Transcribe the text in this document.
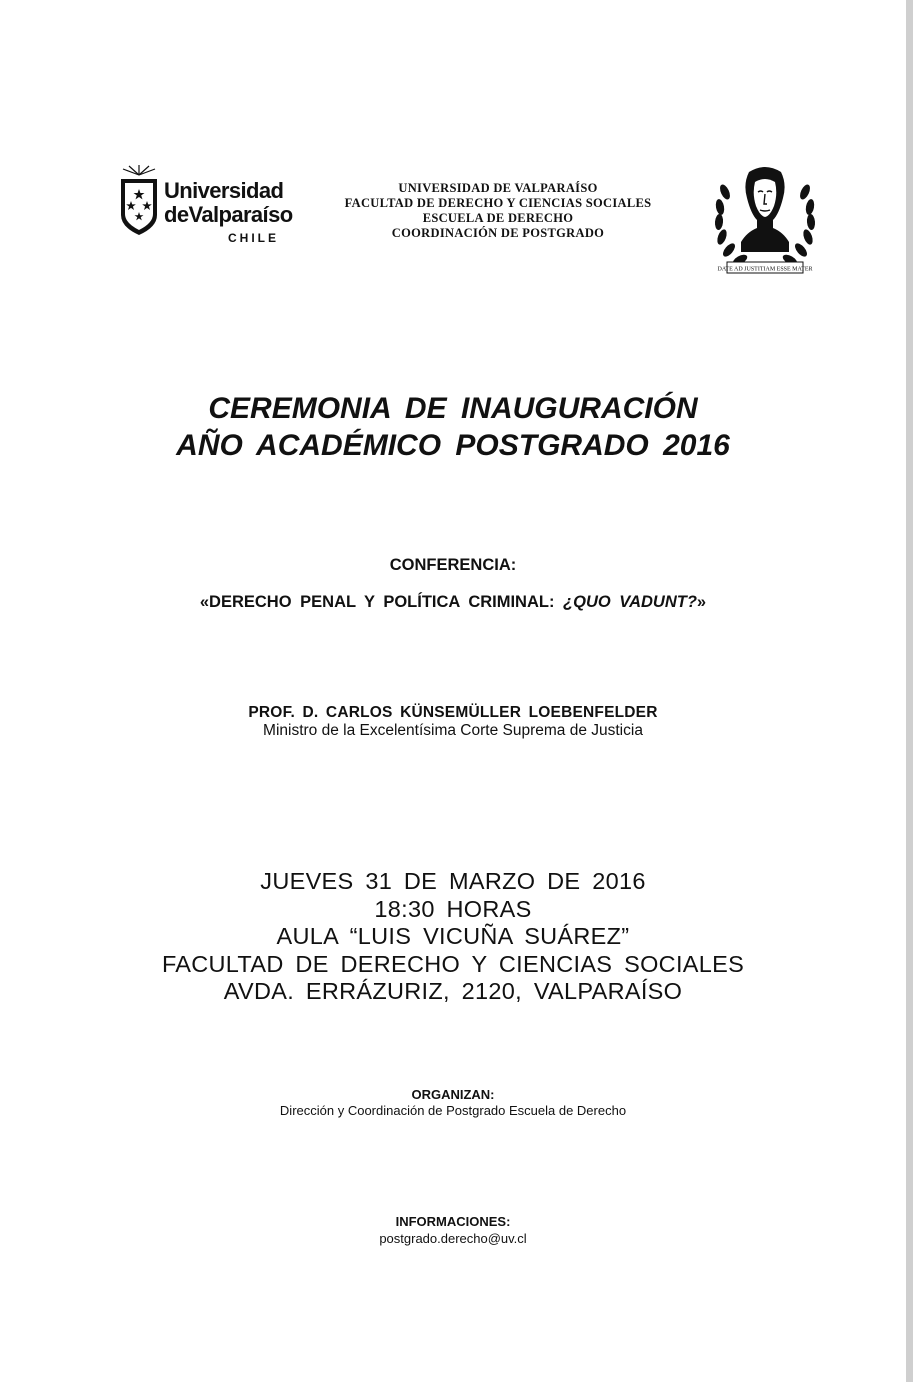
Universidad
deValparaíso
CHILE
UNIVERSIDAD DE VALPARAÍSO
FACULTAD DE DERECHO Y CIENCIAS SOCIALES
ESCUELA DE DERECHO
COORDINACIÓN DE POSTGRADO
DATE AD JUSTITIAM ESSE MATER
CEREMONIA DE INAUGURACIÓN
AÑO ACADÉMICO POSTGRADO 2016
CONFERENCIA:
«DERECHO PENAL Y POLÍTICA CRIMINAL: ¿QUO VADUNT?»
PROF. D. CARLOS KÜNSEMÜLLER LOEBENFELDER
Ministro de la Excelentísima Corte Suprema de Justicia
JUEVES 31 DE MARZO DE 2016
18:30 HORAS
AULA “LUIS VICUÑA SUÁREZ”
FACULTAD DE DERECHO Y CIENCIAS SOCIALES
AVDA. ERRÁZURIZ, 2120, VALPARAÍSO
ORGANIZAN:
Dirección y Coordinación de Postgrado Escuela de Derecho
INFORMACIONES:
postgrado.derecho@uv.cl
